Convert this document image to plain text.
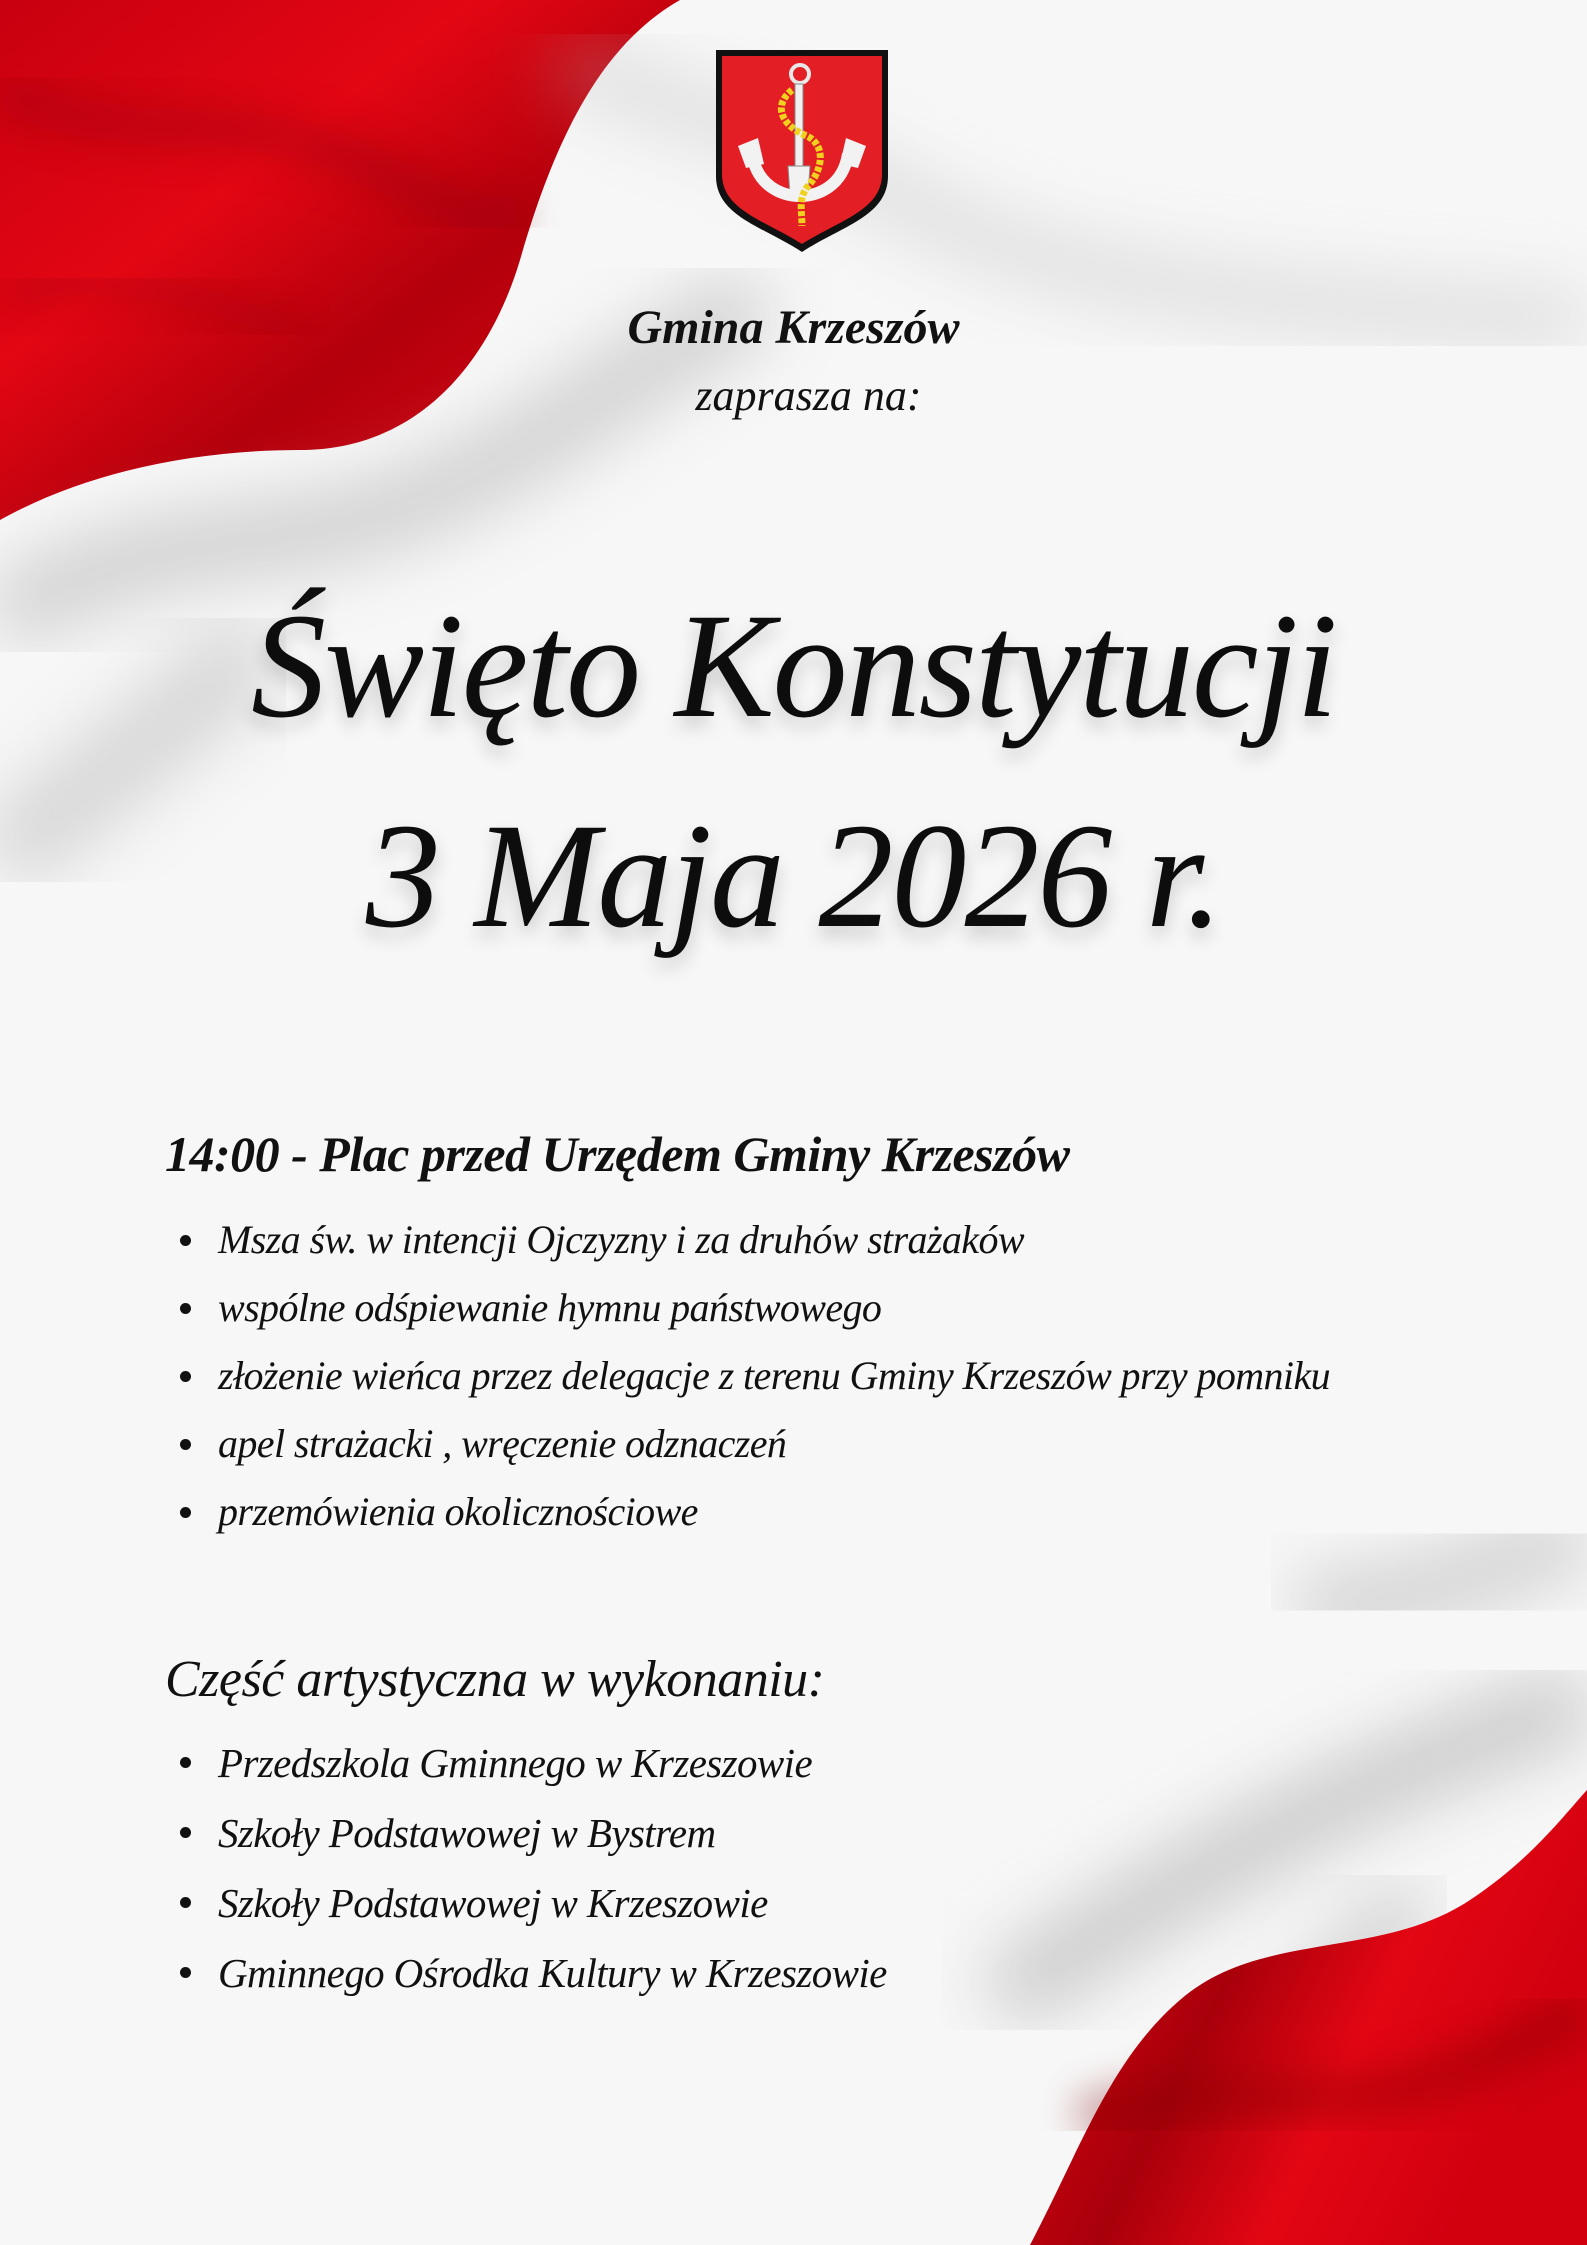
Gmina Krzeszów
zaprasza na:
Święto Konstytucji
3 Maja 2026 r.
14:00 - Plac przed Urzędem Gminy Krzeszów
Msza św. w intencji Ojczyzny i za druhów strażaków
wspólne odśpiewanie hymnu państwowego
złożenie wieńca przez delegacje z terenu Gminy Krzeszów przy pomniku
apel strażacki , wręczenie odznaczeń
przemówienia okolicznościowe
Część artystyczna w wykonaniu:
Przedszkola Gminnego w Krzeszowie
Szkoły Podstawowej w Bystrem
Szkoły Podstawowej w Krzeszowie
Gminnego Ośrodka Kultury w Krzeszowie
